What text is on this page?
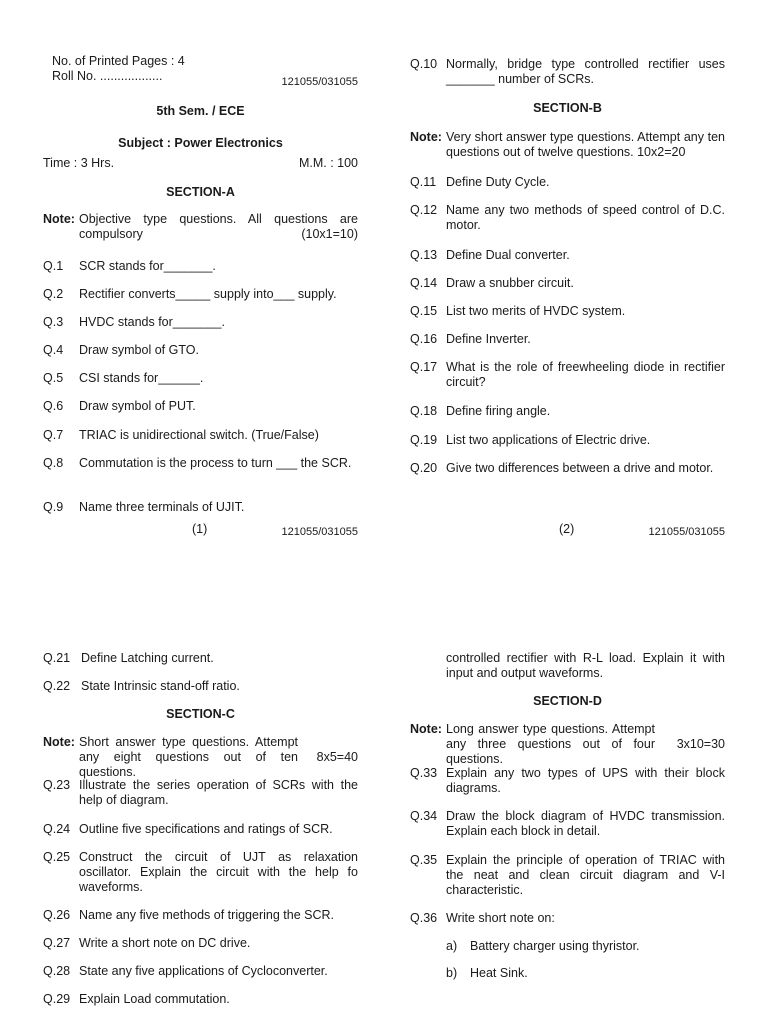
No. of Printed Pages : 4
Roll No. ..................	121055/031055
5th Sem. / ECE
Subject : Power Electronics
Time : 3 Hrs.	M.M. : 100
SECTION-A
Note: Objective type questions. All questions are compulsory	(10x1=10)
Q.1 SCR stands for_______.
Q.2 Rectifier converts_____ supply into___ supply.
Q.3 HVDC stands for_______.
Q.4 Draw symbol of GTO.
Q.5 CSI stands for______.
Q.6 Draw symbol of PUT.
Q.7 TRIAC is unidirectional switch. (True/False)
Q.8 Commutation is the process to turn ___ the SCR.
Q.9 Name three terminals of UJIT.
(1)	121055/031055
Q.10 Normally, bridge type controlled rectifier uses _______ number of SCRs.
SECTION-B
Note: Very short answer type questions. Attempt any ten questions out of twelve questions. 10x2=20
Q.11 Define Duty Cycle.
Q.12 Name any two methods of speed control of D.C. motor.
Q.13 Define Dual converter.
Q.14 Draw a snubber circuit.
Q.15 List two merits of HVDC system.
Q.16 Define Inverter.
Q.17 What is the role of freewheeling diode in rectifier circuit?
Q.18 Define firing angle.
Q.19 List two applications of Electric drive.
Q.20 Give two differences between a drive and motor.
(2)	121055/031055
Q.21 Define Latching current.
Q.22 State Intrinsic stand-off ratio.
SECTION-C
Note: Short answer type questions. Attempt any eight questions out of ten questions.
8x5=40
Q.23 Illustrate the series operation of SCRs with the help of diagram.
Q.24 Outline five specifications and ratings of SCR.
Q.25 Construct the circuit of UJT as relaxation oscillator. Explain the circuit with the help fo waveforms.
Q.26 Name any five methods of triggering the SCR.
Q.27 Write a short note on DC drive.
Q.28 State any five applications of Cycloconverter.
Q.29 Explain Load commutation.
controlled rectifier with R-L load. Explain it with input and output waveforms.
SECTION-D
Note: Long answer type questions. Attempt any three questions out of four questions.
3x10=30
Q.33 Explain any two types of UPS with their block diagrams.
Q.34 Draw the block diagram of HVDC transmission. Explain each block in detail.
Q.35 Explain the principle of operation of TRIAC with the neat and clean circuit diagram and V-I characteristic.
Q.36 Write short note on:
a) Battery charger using thyristor.
b) Heat Sink.
